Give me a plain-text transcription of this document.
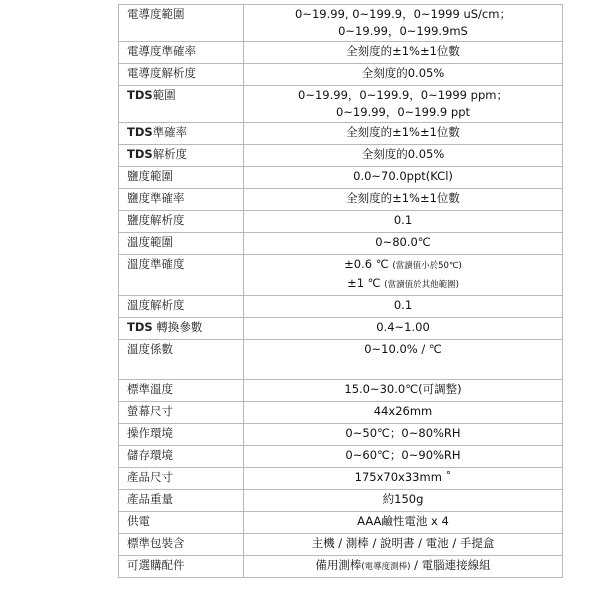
電導度範圍	0~19.99, 0~199.9，0~1999 uS/cm；
0~19.99，0~199.9mS

電導度準確率	全刻度的±1%±1位數

電導度解析度	全刻度的0.05%

TDS範圍	0~19.99，0~199.9，0~1999 ppm；
0~19.99，0~199.9 ppt

TDS準確率	全刻度的±1%±1位數

TDS解析度	全刻度的0.05%

鹽度範圍	0.0~70.0ppt(KCl)

鹽度準確率	全刻度的±1%±1位數

鹽度解析度	0.1

溫度範圍	0~80.0℃

溫度準確度	±0.6 ℃ (當讀值小於50℃)
±1 ℃ (當讀值於其他範圍)

溫度解析度	0.1

TDS 轉換參數	0.4~1.00

溫度係數	0~10.0% / ℃

標準溫度	15.0~30.0℃(可調整)

螢幕尺寸	44x26mm

操作環境	0~50℃；0~80%RH

儲存環境	0~60℃；0~90%RH

產品尺寸	175x70x33mm ˚

產品重量	約150g

供電	AAA鹼性電池 x 4

標準包裝含	主機 / 測棒 / 說明書 / 電池 / 手提盒

可選購配件	備用測棒(電導度測棒) / 電腦連接線組
